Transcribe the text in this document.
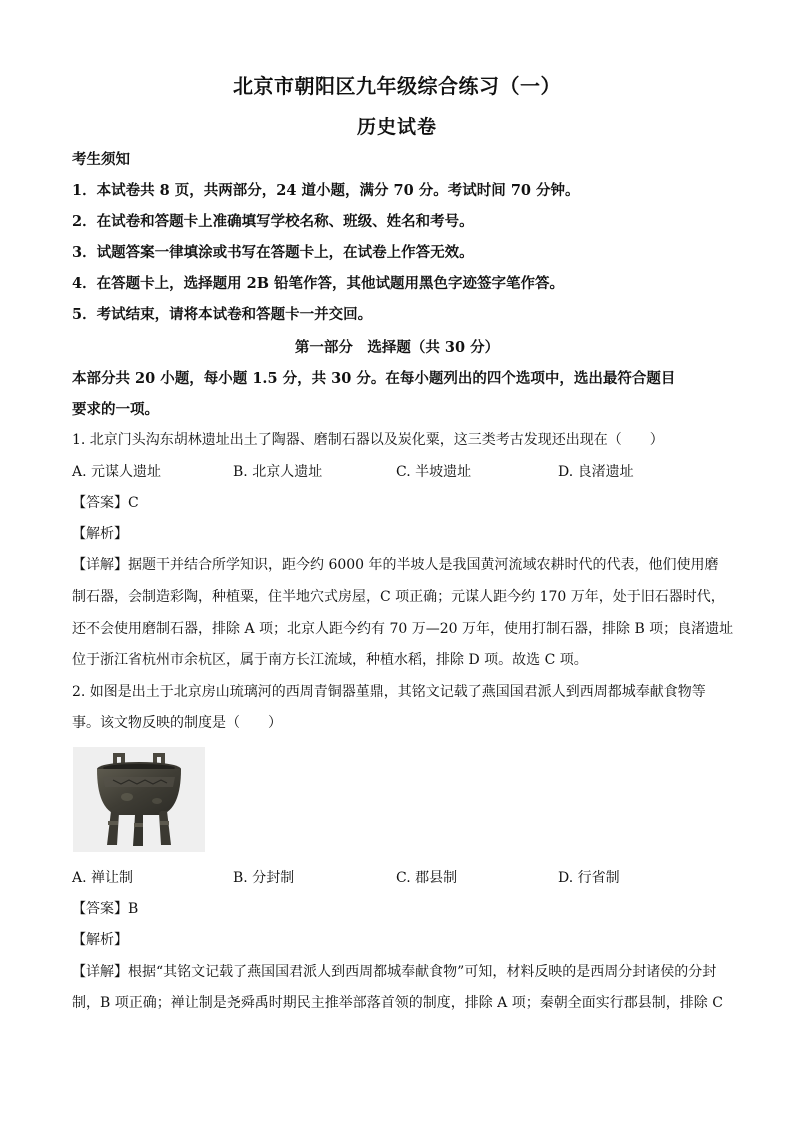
北京市朝阳区九年级综合练习（一）
历史试卷
考生须知
1．本试卷共 8 页，共两部分，24 道小题，满分 70 分。考试时间 70 分钟。
2．在试卷和答题卡上准确填写学校名称、班级、姓名和考号。
3．试题答案一律填涂或书写在答题卡上，在试卷上作答无效。
4．在答题卡上，选择题用 2B 铅笔作答，其他试题用黑色字迹签字笔作答。
5．考试结束，请将本试卷和答题卡一并交回。
第一部分　选择题（共 30 分）
本部分共 20 小题，每小题 1.5 分，共 30 分。在每小题列出的四个选项中，选出最符合题目
要求的一项。
1. 北京门头沟东胡林遗址出土了陶器、磨制石器以及炭化粟，这三类考古发现还出现在（　　）
A. 元谋人遗址	B. 北京人遗址	C. 半坡遗址	D. 良渚遗址
【答案】C
【解析】
【详解】据题干并结合所学知识，距今约 6000 年的半坡人是我国黄河流域农耕时代的代表，他们使用磨
制石器，会制造彩陶，种植粟，住半地穴式房屋，C 项正确；元谋人距今约 170 万年，处于旧石器时代，
还不会使用磨制石器，排除 A 项；北京人距今约有 70 万—20 万年，使用打制石器，排除 B 项；良渚遗址
位于浙江省杭州市余杭区，属于南方长江流域，种植水稻，排除 D 项。故选 C 项。
2. 如图是出土于北京房山琉璃河的西周青铜器堇鼎，其铭文记载了燕国国君派人到西周都城奉献食物等
事。该文物反映的制度是（　　）
A. 禅让制	B. 分封制	C. 郡县制	D. 行省制
【答案】B
【解析】
【详解】根据“其铭文记载了燕国国君派人到西周都城奉献食物”可知，材料反映的是西周分封诸侯的分封
制，B 项正确；禅让制是尧舜禹时期民主推举部落首领的制度，排除 A 项；秦朝全面实行郡县制，排除 C
